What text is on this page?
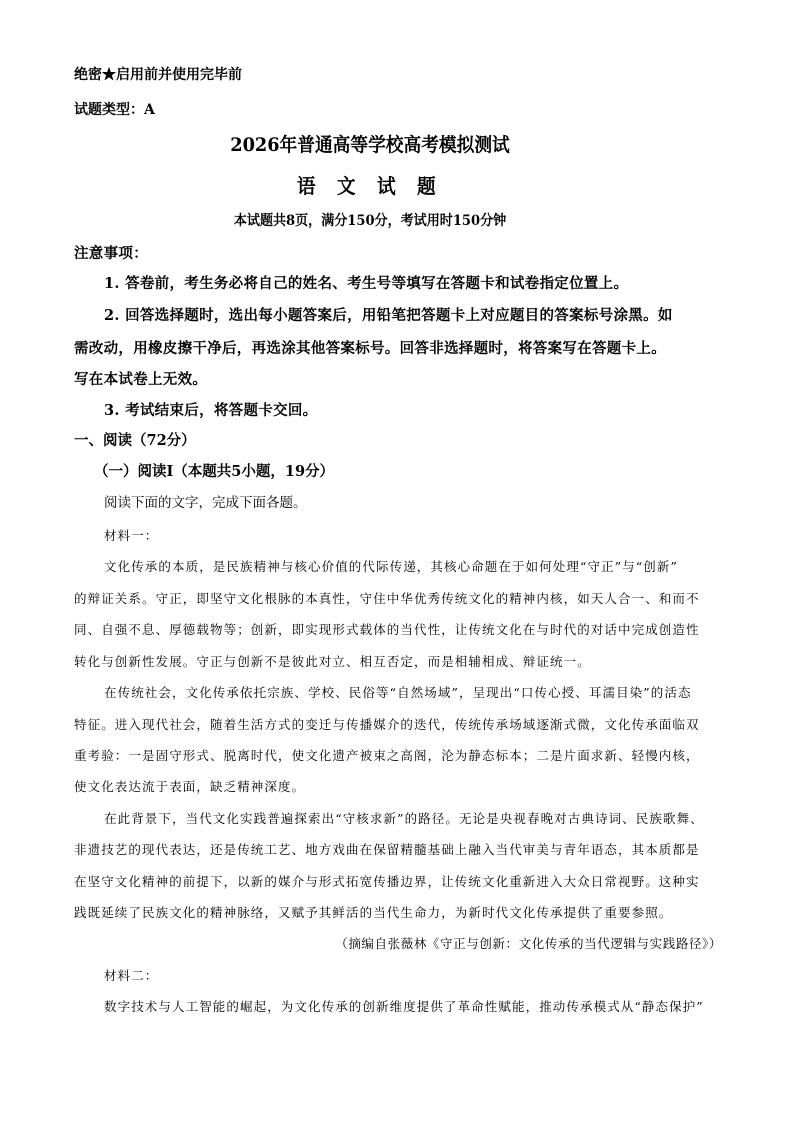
绝密★启用前并使用完毕前
试题类型：A
2026年普通高等学校高考模拟测试
语 文 试 题
本试题共8页，满分150分，考试用时150分钟
注意事项：
1. 答卷前，考生务必将自己的姓名、考生号等填写在答题卡和试卷指定位置上。
2. 回答选择题时，选出每小题答案后，用铅笔把答题卡上对应题目的答案标号涂黑。如
需改动，用橡皮擦干净后，再选涂其他答案标号。回答非选择题时，将答案写在答题卡上。
写在本试卷上无效。
3. 考试结束后，将答题卡交回。
一、阅读（72分）
（一）阅读Ⅰ（本题共5小题，19分）
阅读下面的文字，完成下面各题。
材料一：
文化传承的本质，是民族精神与核心价值的代际传递，其核心命题在于如何处理“守正”与“创新”
的辩证关系。守正，即坚守文化根脉的本真性，守住中华优秀传统文化的精神内核，如天人合一、和而不
同、自强不息、厚德载物等；创新，即实现形式载体的当代性，让传统文化在与时代的对话中完成创造性
转化与创新性发展。守正与创新不是彼此对立、相互否定，而是相辅相成、辩证统一。
在传统社会，文化传承依托宗族、学校、民俗等“自然场域”，呈现出“口传心授、耳濡目染”的活态
特征。进入现代社会，随着生活方式的变迁与传播媒介的迭代，传统传承场域逐渐式微，文化传承面临双
重考验：一是固守形式、脱离时代，使文化遗产被束之高阁，沦为静态标本；二是片面求新、轻慢内核，
使文化表达流于表面，缺乏精神深度。
在此背景下，当代文化实践普遍探索出“守核求新”的路径。无论是央视春晚对古典诗词、民族歌舞、
非遗技艺的现代表达，还是传统工艺、地方戏曲在保留精髓基础上融入当代审美与青年语态，其本质都是
在坚守文化精神的前提下，以新的媒介与形式拓宽传播边界，让传统文化重新进入大众日常视野。这种实
践既延续了民族文化的精神脉络，又赋予其鲜活的当代生命力，为新时代文化传承提供了重要参照。
（摘编自张薇林《守正与创新：文化传承的当代逻辑与实践路径》）
材料二：
数字技术与人工智能的崛起，为文化传承的创新维度提供了革命性赋能，推动传承模式从“静态保护”
